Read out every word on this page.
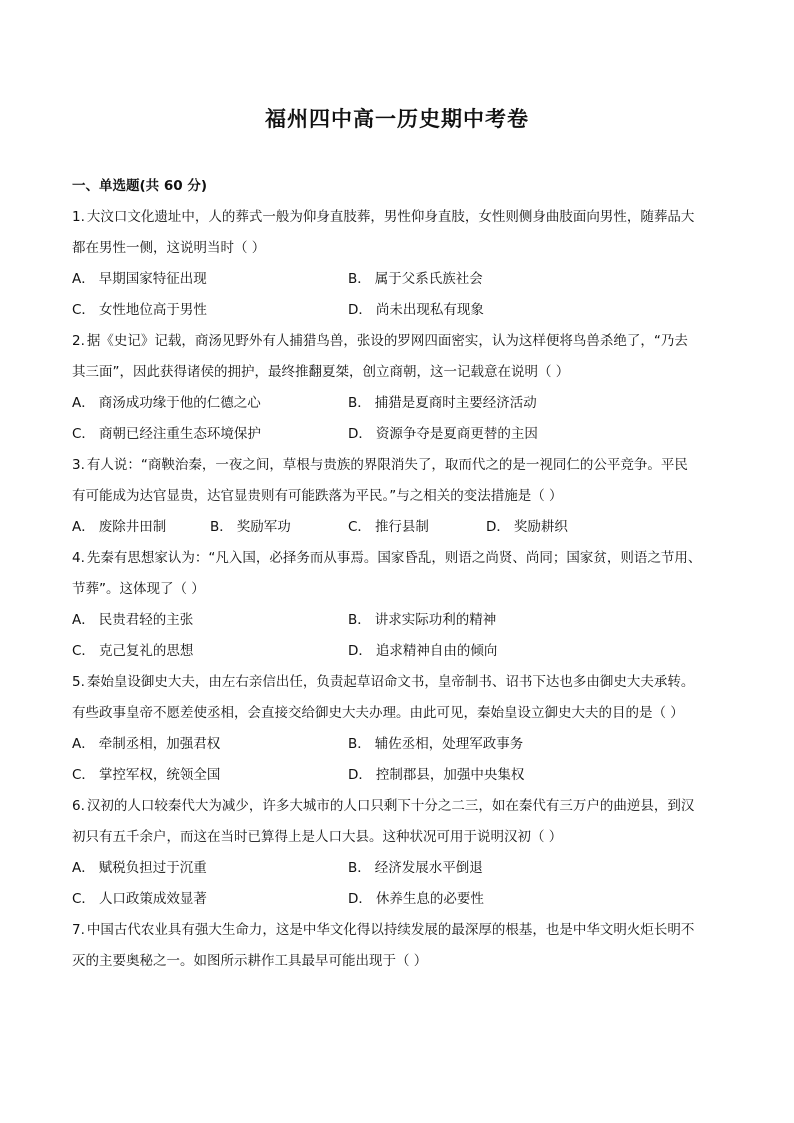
福州四中高一历史期中考卷
一、单选题(共 60 分)
1. 大汶口文化遗址中，人的葬式一般为仰身直肢葬，男性仰身直肢，女性则侧身曲肢面向男性，随葬品大
都在男性一侧，这说明当时（ ）
A． 早期国家特征出现	B． 属于父系氏族社会
C． 女性地位高于男性	D． 尚未出现私有现象
2. 据《史记》记载，商汤见野外有人捕猎鸟兽，张设的罗网四面密实，认为这样便将鸟兽杀绝了，“乃去
其三面”，因此获得诸侯的拥护，最终推翻夏桀，创立商朝，这一记载意在说明（ ）
A． 商汤成功缘于他的仁德之心	B． 捕猎是夏商时主要经济活动
C． 商朝已经注重生态环境保护	D． 资源争夺是夏商更替的主因
3. 有人说：“商鞅治秦，一夜之间，草根与贵族的界限消失了，取而代之的是一视同仁的公平竞争。平民
有可能成为达官显贵，达官显贵则有可能跌落为平民。”与之相关的变法措施是（ ）
A． 废除井田制	B． 奖励军功	C． 推行县制	D． 奖励耕织
4. 先秦有思想家认为：“凡入国，必择务而从事焉。国家昏乱，则语之尚贤、尚同；国家贫，则语之节用、
节葬”。这体现了（ ）
A． 民贵君轻的主张	B． 讲求实际功利的精神
C． 克己复礼的思想	D． 追求精神自由的倾向
5. 秦始皇设御史大夫，由左右亲信出任，负责起草诏命文书，皇帝制书、诏书下达也多由御史大夫承转。
有些政事皇帝不愿差使丞相，会直接交给御史大夫办理。由此可见，秦始皇设立御史大夫的目的是（ ）
A． 牵制丞相，加强君权	B． 辅佐丞相，处理军政事务
C． 掌控军权，统领全国	D． 控制郡县，加强中央集权
6. 汉初的人口较秦代大为减少，许多大城市的人口只剩下十分之二三，如在秦代有三万户的曲逆县，到汉
初只有五千余户，而这在当时已算得上是人口大县。这种状况可用于说明汉初（ ）
A． 赋税负担过于沉重	B． 经济发展水平倒退
C． 人口政策成效显著	D． 休养生息的必要性
7. 中国古代农业具有强大生命力，这是中华文化得以持续发展的最深厚的根基，也是中华文明火炬长明不
灭的主要奥秘之一。如图所示耕作工具最早可能出现于（ ）
